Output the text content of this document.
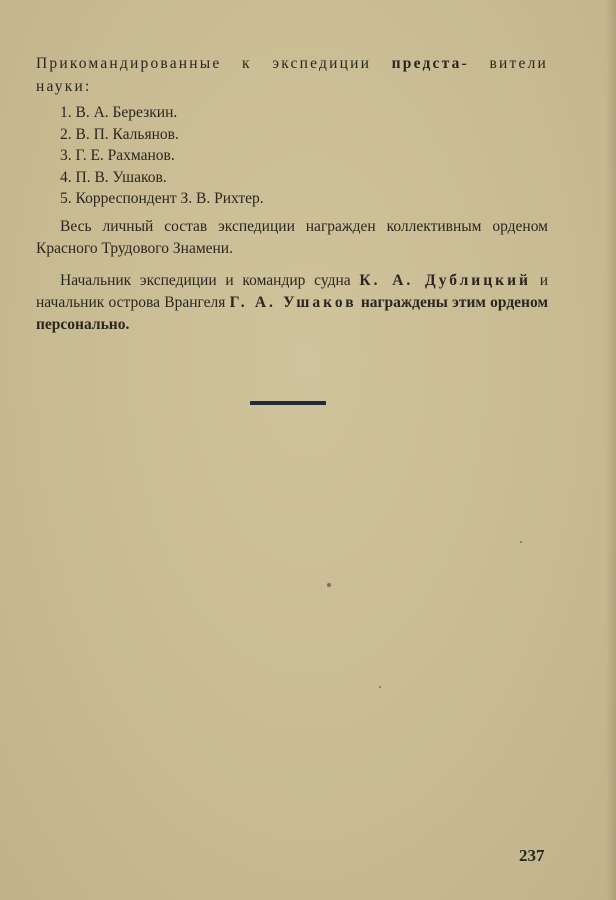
Прикомандированные к экспедиции предста- вители науки:

1. В. А. Березкин.
2. В. П. Кальянов.
3. Г. Е. Рахманов.
4. П. В. Ушаков.
5. Корреспондент З. В. Рихтер.

Весь личный состав экспедиции награжден коллективным орденом Красного Трудового Знамени.

Начальник экспедиции и командир судна К. А. Дублицкий и начальник острова Врангеля Г. А. Ушаков награждены этим орденом персонально.

237
